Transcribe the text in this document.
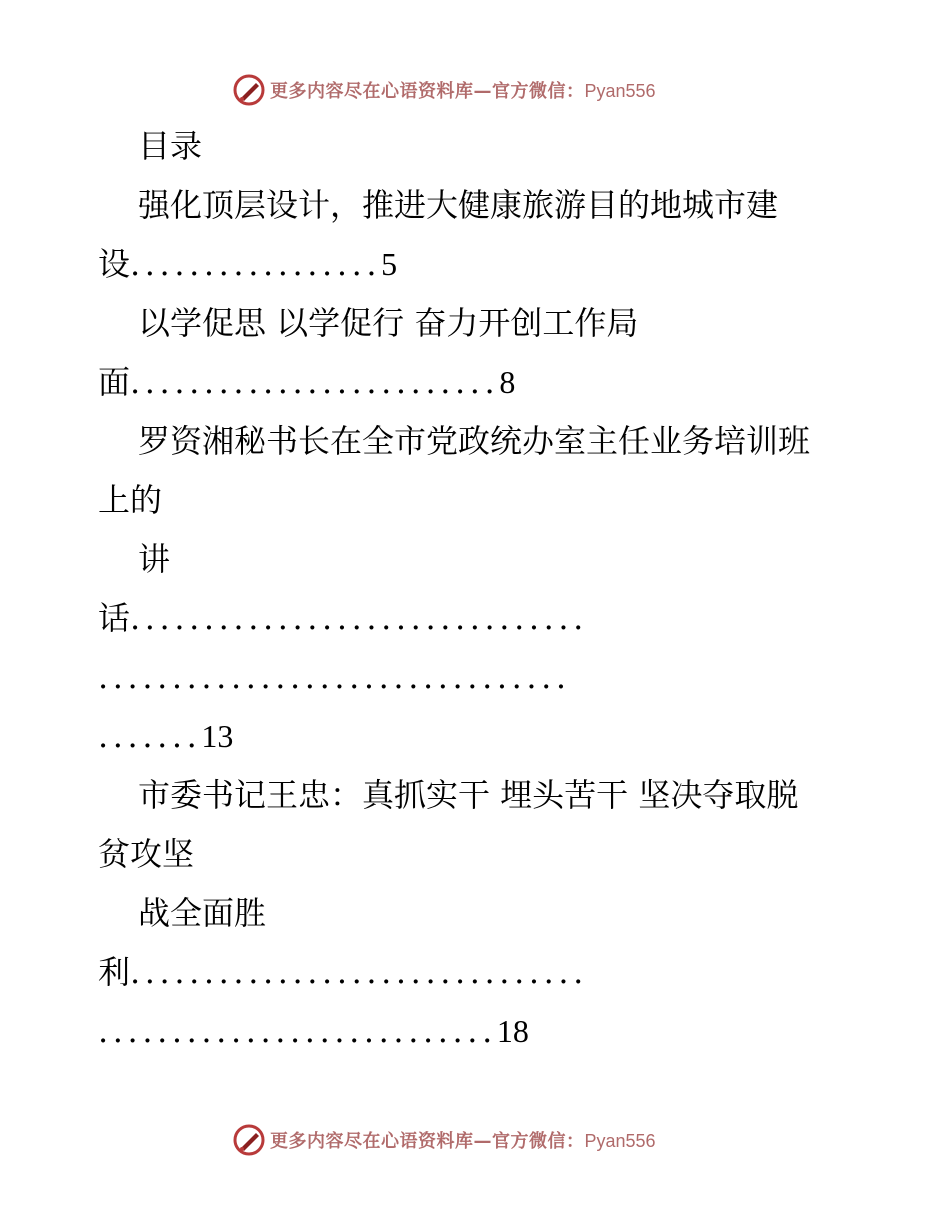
更多内容尽在心语资料库—官方微信：Pyan556
目录
强化顶层设计，推进大健康旅游目的地城市建
设.................5
以学促思 以学促行 奋力开创工作局
面.........................8
罗资湘秘书长在全市党政统办室主任业务培训班
上的
讲
话...............................
................................
.......13
市委书记王忠：真抓实干 埋头苦干 坚决夺取脱
贫攻坚
战全面胜
利...............................
...........................18
更多内容尽在心语资料库—官方微信：Pyan556
